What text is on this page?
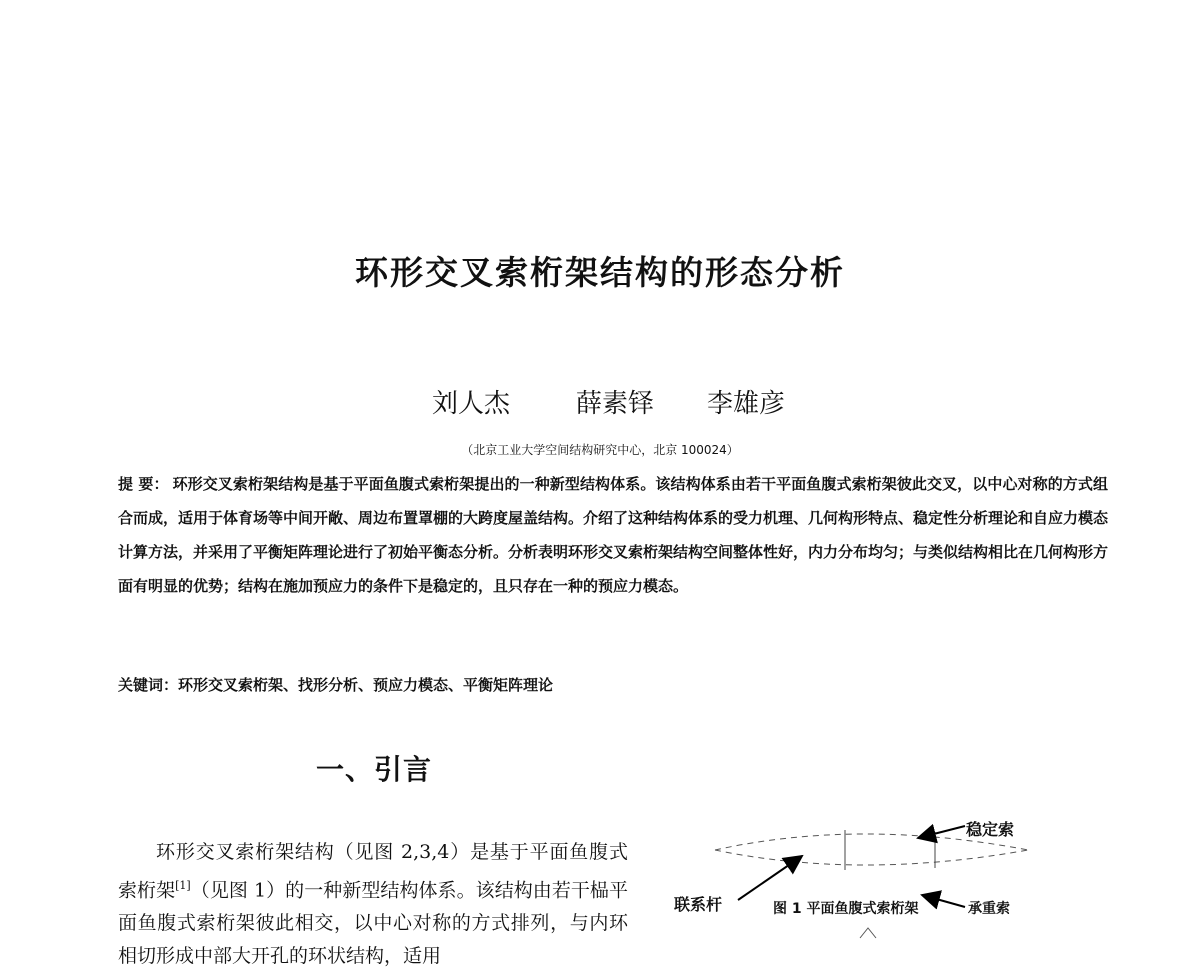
环形交叉索桁架结构的形态分析
刘人杰	薛素铎 李雄彦
（北京工业大学空间结构研究中心，北京 100024）
提 要： 环形交叉索桁架结构是基于平面鱼腹式索桁架提出的一种新型结构体系。该结构体系由若干平面鱼腹式索桁架彼此交叉，以中心对称的方式组合而成，适用于体育场等中间开敞、周边布置罩棚的大跨度屋盖结构。介绍了这种结构体系的受力机理、几何构形特点、稳定性分析理论和自应力模态计算方法，并采用了平衡矩阵理论进行了初始平衡态分析。分析表明环形交叉索桁架结构空间整体性好，内力分布均匀；与类似结构相比在几何构形方面有明显的优势；结构在施加预应力的条件下是稳定的，且只存在一种的预应力模态。
关键词：环形交叉索桁架、找形分析、预应力模态、平衡矩阵理论
一、引言
环形交叉索桁架结构（见图 2,3,4）是基于平面鱼腹式索桁架[1]（见图 1）的一种新型结构体系。该结构由若干榀平面鱼腹式索桁架彼此相交，以中心对称的方式排列，与内环相切形成中部大开孔的环状结构，适用
稳定索
联系杆	图 1 平面鱼腹式索桁架	承重索
